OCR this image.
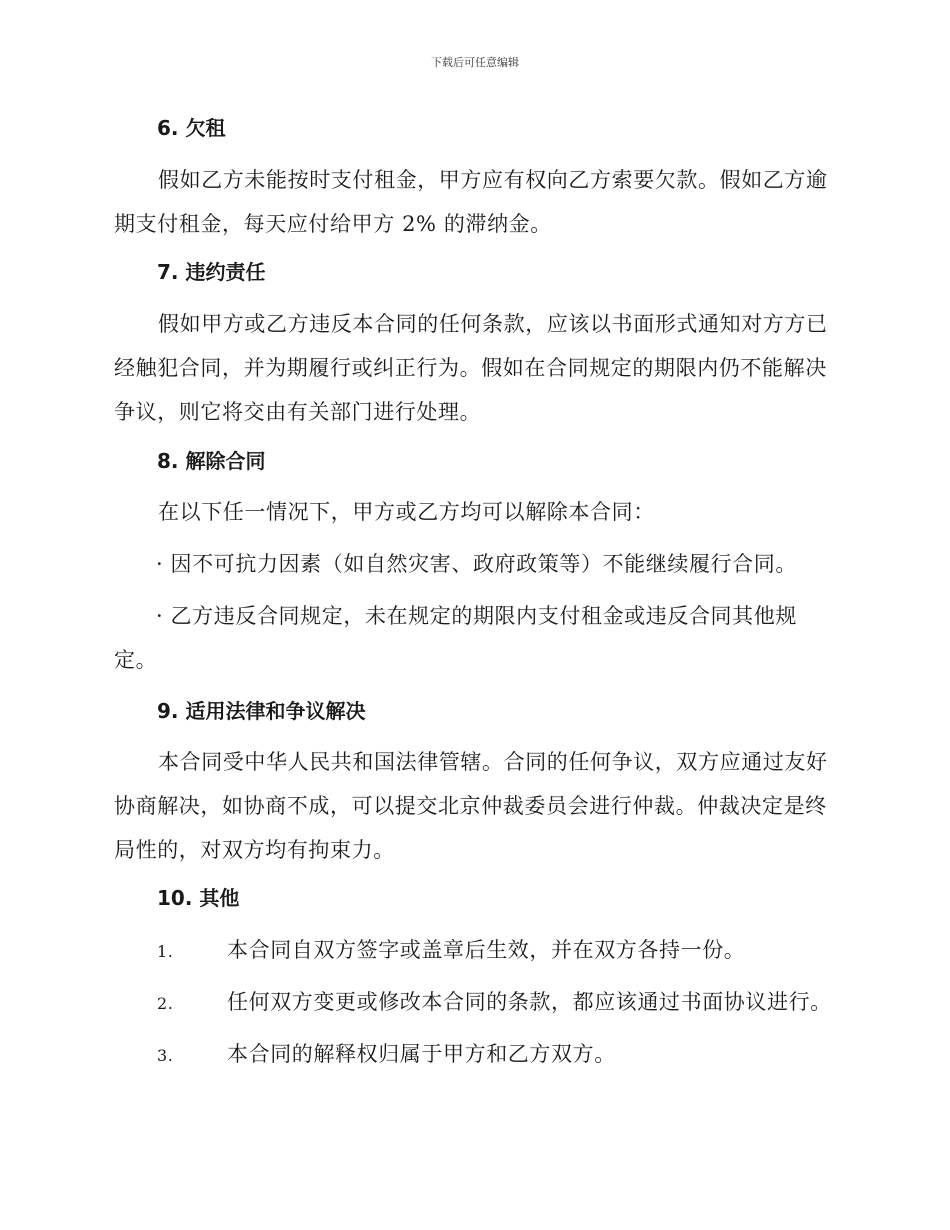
下载后可任意编辑
6. 欠租
假如乙方未能按时支付租金，甲方应有权向乙方索要欠款。假如乙方逾期支付租金，每天应付给甲方 2% 的滞纳金。
7. 违约责任
假如甲方或乙方违反本合同的任何条款，应该以书面形式通知对方方已经触犯合同，并为期履行或纠正行为。假如在合同规定的期限内仍不能解决争议，则它将交由有关部门进行处理。
8. 解除合同
在以下任一情况下，甲方或乙方均可以解除本合同：
· 因不可抗力因素（如自然灾害、政府政策等）不能继续履行合同。
· 乙方违反合同规定，未在规定的期限内支付租金或违反合同其他规定。
9. 适用法律和争议解决
本合同受中华人民共和国法律管辖。合同的任何争议，双方应通过友好协商解决，如协商不成，可以提交北京仲裁委员会进行仲裁。仲裁决定是终局性的，对双方均有拘束力。
10. 其他
1.	本合同自双方签字或盖章后生效，并在双方各持一份。
2.	任何双方变更或修改本合同的条款，都应该通过书面协议进行。
3.	本合同的解释权归属于甲方和乙方双方。
